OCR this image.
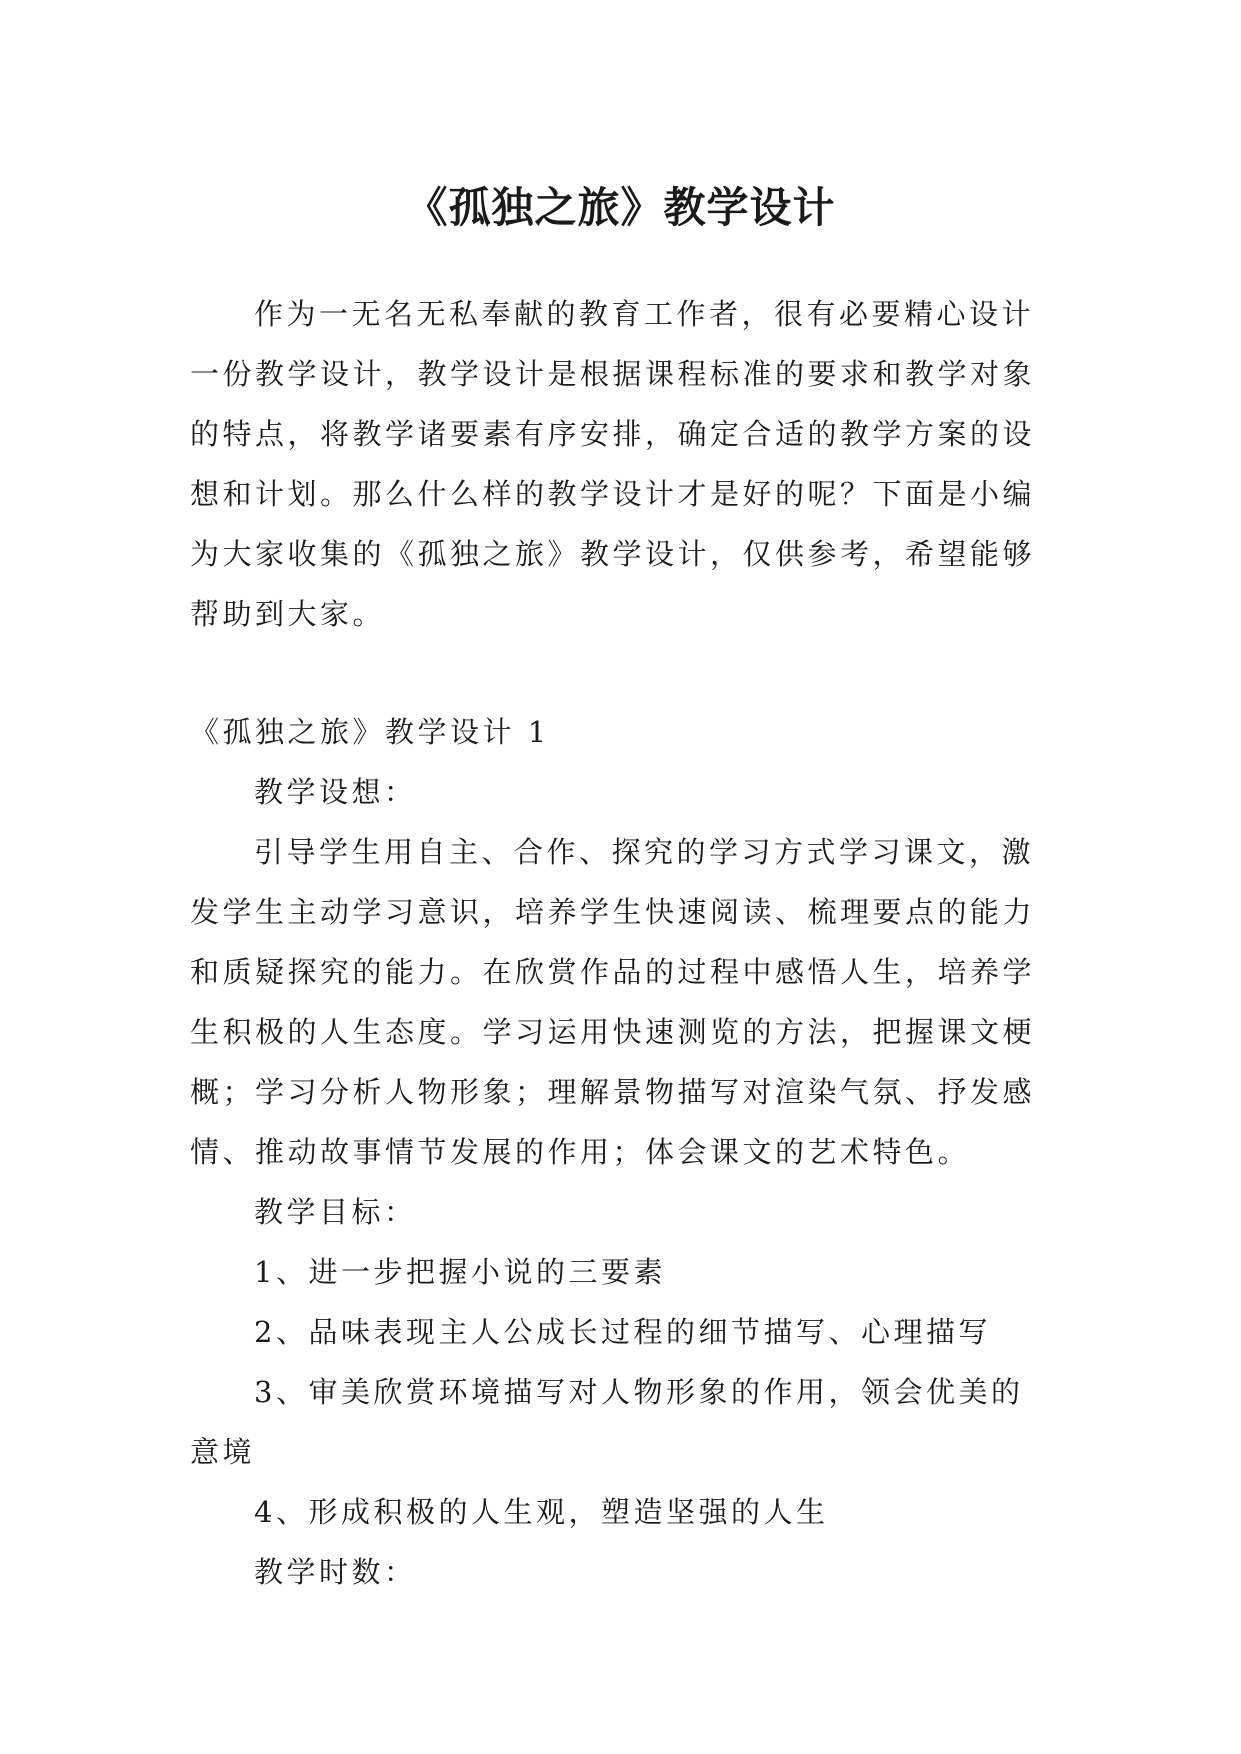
《孤独之旅》教学设计

作为一无名无私奉献的教育工作者，很有必要精心设计一份教学设计，教学设计是根据课程标准的要求和教学对象的特点，将教学诸要素有序安排，确定合适的教学方案的设想和计划。那么什么样的教学设计才是好的呢？下面是小编为大家收集的《孤独之旅》教学设计，仅供参考，希望能够帮助到大家。

《孤独之旅》教学设计 1

教学设想：

引导学生用自主、合作、探究的学习方式学习课文，激发学生主动学习意识，培养学生快速阅读、梳理要点的能力和质疑探究的能力。在欣赏作品的过程中感悟人生，培养学生积极的人生态度。学习运用快速测览的方法，把握课文梗概；学习分析人物形象；理解景物描写对渲染气氛、抒发感情、推动故事情节发展的作用；体会课文的艺术特色。

教学目标：

1、进一步把握小说的三要素

2、品味表现主人公成长过程的细节描写、心理描写

3、审美欣赏环境描写对人物形象的作用，领会优美的意境

4、形成积极的人生观，塑造坚强的人生

教学时数：
